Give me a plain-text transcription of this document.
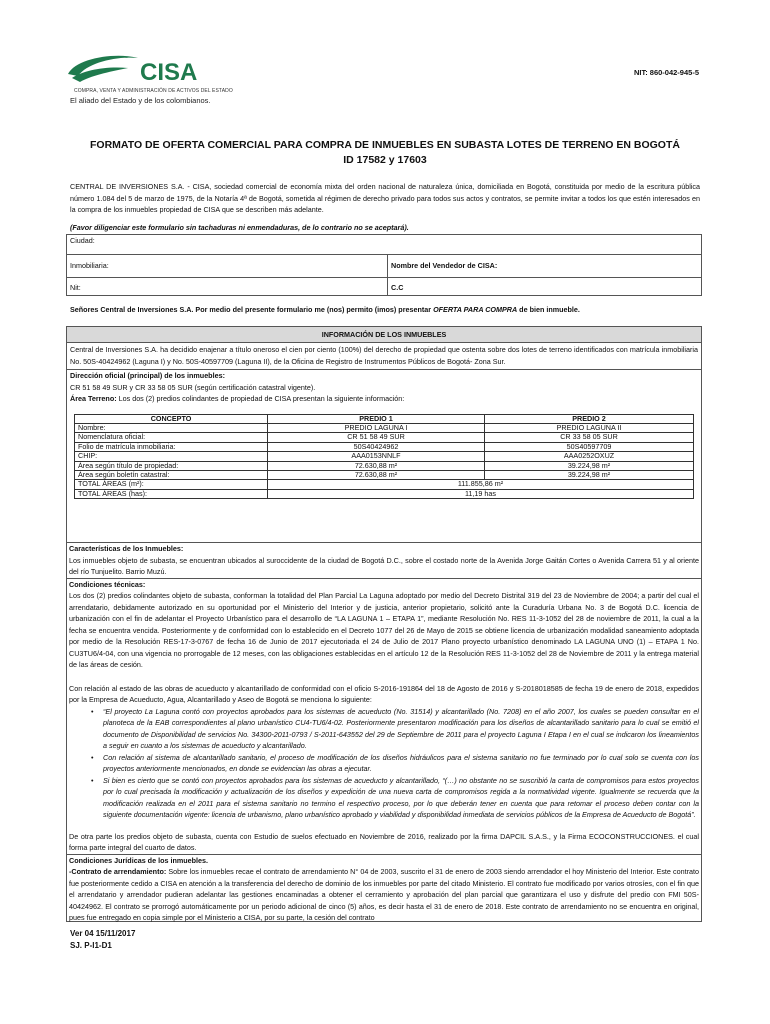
CISA
COMPRA, VENTA Y ADMINISTRACIÓN DE ACTIVOS DEL ESTADO
El aliado del Estado y de los colombianos.
NIT: 860-042-945-5
FORMATO DE OFERTA COMERCIAL PARA COMPRA DE INMUEBLES EN SUBASTA LOTES DE TERRENO EN BOGOTÁ
ID 17582 y 17603
CENTRAL DE INVERSIONES S.A. - CISA, sociedad comercial de economía mixta del orden nacional de naturaleza única, domiciliada en Bogotá, constituida por medio de la escritura pública número 1.084 del 5 de marzo de 1975, de la Notaría 4ª de Bogotá, sometida al régimen de derecho privado para todos sus actos y contratos, se permite invitar a todos los que estén interesados en la compra de los inmuebles propiedad de CISA que se describen más adelante.
(Favor diligenciar este formulario sin tachaduras ni enmendaduras, de lo contrario no se aceptará).
Ciudad:
Inmobiliaria:	Nombre del Vendedor de CISA:
Nit:	C.C
Señores Central de Inversiones S.A. Por medio del presente formulario me (nos) permito (imos) presentar OFERTA PARA COMPRA de bien inmueble.
INFORMACIÓN DE LOS INMUEBLES
Central de Inversiones S.A. ha decidido enajenar a título oneroso el cien por ciento (100%) del derecho de propiedad que ostenta sobre dos lotes de terreno identificados con matrícula inmobiliaria No. 50S-40424962 (Laguna I) y No. 50S-40597709 (Laguna II), de la Oficina de Registro de Instrumentos Públicos de Bogotá- Zona Sur.
Dirección oficial (principal) de los inmuebles:
CR 51 58 49 SUR y CR 33 58 05 SUR (según certificación catastral vigente).
Área Terreno: Los dos (2) predios colindantes de propiedad de CISA presentan la siguiente información:
CONCEPTO	PREDIO 1	PREDIO 2
Nombre:	PREDIO LAGUNA I	PREDIO LAGUNA II
Nomenclatura oficial:	CR 51 58 49 SUR	CR 33 58 05 SUR
Folio de matrícula inmobiliaria:	50S40424962	50S40597709
CHIP:	AAA0153NNLF	AAA0252OXUZ
Área según título de propiedad:	72.630,88 m²	39.224,98 m²
Área según boletín catastral:	72.630,88 m²	39.224,98 m²
TOTAL ÁREAS (m²):	111.855,86 m²	
TOTAL ÁREAS (has):	11,19 has	
Características de los Inmuebles:
Los inmuebles objeto de subasta, se encuentran ubicados al suroccidente de la ciudad de Bogotá D.C., sobre el costado norte de la Avenida Jorge Gaitán Cortes o Avenida Carrera 51 y al oriente del río Tunjuelito. Barrio Muzú.
Condiciones técnicas:
Los dos (2) predios colindantes objeto de subasta, conforman la totalidad del Plan Parcial La Laguna adoptado por medio del Decreto Distrital 319 del 23 de Noviembre de 2004; a partir del cual el arrendatario, debidamente autorizado en su oportunidad por el Ministerio del Interior y de justicia, anterior propietario, solicitó ante la Curaduría Urbana No. 3 de Bogotá D.C. licencia de urbanización con el fin de adelantar el Proyecto Urbanístico para el desarrollo de “LA LAGUNA 1 – ETAPA 1”, mediante Resolución No. RES 11-3-1052 del 28 de noviembre de 2011, la cual a la fecha se encuentra vencida. Posteriormente y de conformidad con lo establecido en el Decreto 1077 del 26 de Mayo de 2015 se obtiene licencia de urbanización modalidad saneamiento adoptada por medio de la Resolución RES-17-3-0767 de fecha 16 de Junio de 2017 ejecutoriada el 24 de Julio de 2017 Plano proyecto urbanístico denominado LA LAGUNA UNO (1) – ETAPA 1 No. CU3TU6/4-04, con una vigencia no prorrogable de 12 meses, con las obligaciones establecidas en el artículo 12 de la Resolución RES 11-3-1052 del 28 de Noviembre de 2011 y la entrega material de las áreas de cesión.
Con relación al estado de las obras de acueducto y alcantarillado de conformidad con el oficio S-2016-191864 del 18 de Agosto de 2016 y S-2018018585 de fecha 19 de enero de 2018, expedidos por la Empresa de Acueducto, Agua, Alcantarillado y Aseo de Bogotá se menciona lo siguiente:
• “El proyecto La Laguna contó con proyectos aprobados para los sistemas de acueducto (No. 31514) y alcantarillado (No. 7208) en el año 2007, los cuales se pueden consultar en el planoteca de la EAB correspondientes al plano urbanístico CU4-TU6/4-02. Posteriormente presentaron modificación para los diseños de alcantarillado sanitario para lo cual se emitió el documento de Disponibilidad de servicios No. 34300-2011-0793 / S-2011-643552 del 29 de Septiembre de 2011 para el proyecto Laguna I Etapa I en el cual se indicaron los lineamientos a seguir en cuanto a los sistemas de acueducto y alcantarillado.
• Con relación al sistema de alcantarillado sanitario, el proceso de modificación de los diseños hidráulicos para el sistema sanitario no fue terminado por lo cual solo se cuenta con los proyectos anteriormente mencionados, en donde se evidencian las obras a ejecutar.
• Si bien es cierto que se contó con proyectos aprobados para los sistemas de acueducto y alcantarillado, “(…) no obstante no se suscribió la carta de compromisos para estos proyectos por lo cual precisada la modificación y actualización de los diseños y expedición de una nueva carta de compromisos regida a la normatividad vigente. Igualmente se recuerda que la modificación realizada en el 2011 para el sistema sanitario no termino el respectivo proceso, por lo que deberán tener en cuenta que para retomar el proceso deben contar con la siguiente documentación vigente: licencia de urbanismo, plano urbanístico aprobado y viabilidad y disponibilidad inmediata de servicios públicos de la Empresa de Acueducto de Bogotá”.
De otra parte los predios objeto de subasta, cuenta con Estudio de suelos efectuado en Noviembre de 2016, realizado por la firma DAPCIL S.A.S., y la Firma ECOCONSTRUCCIONES. el cual forma parte integral del cuarto de datos.
Condiciones Jurídicas de los inmuebles.
-Contrato de arrendamiento: Sobre los inmuebles recae el contrato de arrendamiento N° 04 de 2003, suscrito el 31 de enero de 2003 siendo arrendador el hoy Ministerio del Interior. Este contrato fue posteriormente cedido a CISA en atención a la transferencia del derecho de dominio de los inmuebles por parte del citado Ministerio. El contrato fue modificado por varios otrosíes, con el fin que el arrendatario y arrendador pudieran adelantar las gestiones encaminadas a obtener el cerramiento y aprobación del plan parcial que garantizara el uso y disfrute del predio con FMI 50S-40424962. El contrato se prorrogó automáticamente por un periodo adicional de cinco (5) años, es decir hasta el 31 de enero de 2018. Este contrato de arrendamiento no se encuentra en original, pues fue entregado en copia simple por el Ministerio a CISA, por su parte, la cesión del contrato
Ver 04 15/11/2017
SJ. P-I1-D1
